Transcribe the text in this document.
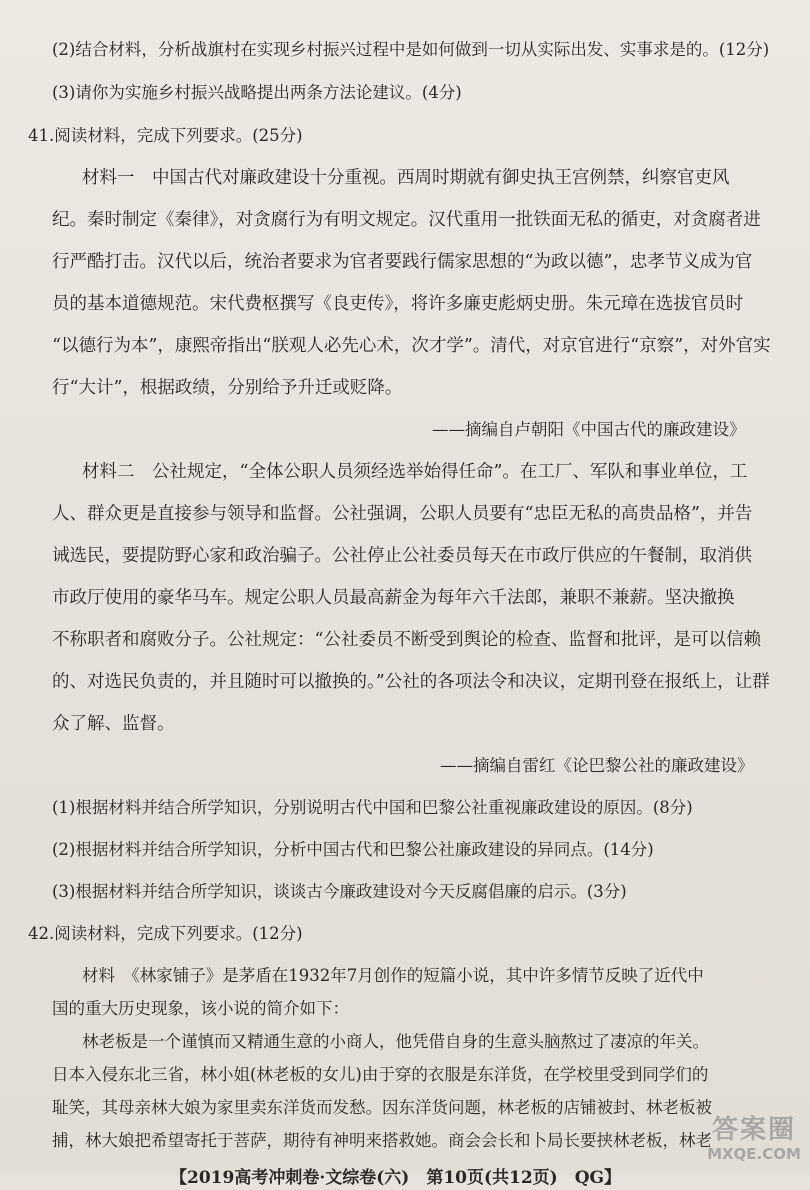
(2)结合材料，分析战旗村在实现乡村振兴过程中是如何做到一切从实际出发、实事求是的。(12分)
(3)请你为实施乡村振兴战略提出两条方法论建议。(4分)
41.阅读材料，完成下列要求。(25分)
材料一　中国古代对廉政建设十分重视。西周时期就有御史执王宫例禁，纠察官吏风
纪。秦时制定《秦律》，对贪腐行为有明文规定。汉代重用一批铁面无私的循吏，对贪腐者进
行严酷打击。汉代以后，统治者要求为官者要践行儒家思想的“为政以德”，忠孝节义成为官
员的基本道德规范。宋代费枢撰写《良吏传》，将许多廉吏彪炳史册。朱元璋在选拔官员时
“以德行为本”，康熙帝指出“朕观人必先心术，次才学”。清代，对京官进行“京察”，对外官实
行“大计”，根据政绩，分别给予升迁或贬降。
——摘编自卢朝阳《中国古代的廉政建设》
材料二　公社规定，“全体公职人员须经选举始得任命”。在工厂、军队和事业单位，工
人、群众更是直接参与领导和监督。公社强调，公职人员要有“忠臣无私的高贵品格”，并告
诫选民，要提防野心家和政治骗子。公社停止公社委员每天在市政厅供应的午餐制，取消供
市政厅使用的豪华马车。规定公职人员最高薪金为每年六千法郎，兼职不兼薪。坚决撤换
不称职者和腐败分子。公社规定：“公社委员不断受到舆论的检查、监督和批评，是可以信赖
的、对选民负责的，并且随时可以撤换的。”公社的各项法令和决议，定期刊登在报纸上，让群
众了解、监督。
——摘编自雷红《论巴黎公社的廉政建设》
(1)根据材料并结合所学知识，分别说明古代中国和巴黎公社重视廉政建设的原因。(8分)
(2)根据材料并结合所学知识，分析中国古代和巴黎公社廉政建设的异同点。(14分)
(3)根据材料并结合所学知识，谈谈古今廉政建设对今天反腐倡廉的启示。(3分)
42.阅读材料，完成下列要求。(12分)
材料　《林家铺子》是茅盾在1932年7月创作的短篇小说，其中许多情节反映了近代中
国的重大历史现象，该小说的简介如下：
林老板是一个谨慎而又精通生意的小商人，他凭借自身的生意头脑熬过了凄凉的年关。
日本入侵东北三省，林小姐(林老板的女儿)由于穿的衣服是东洋货，在学校里受到同学们的
耻笑，其母亲林大娘为家里卖东洋货而发愁。因东洋货问题，林老板的店铺被封、林老板被
捕，林大娘把希望寄托于菩萨，期待有神明来搭救她。商会会长和卜局长要挟林老板，林老
【2019高考冲刺卷·文综卷(六)　第10页(共12页)　QG】
答案圈
MXQE.COM
